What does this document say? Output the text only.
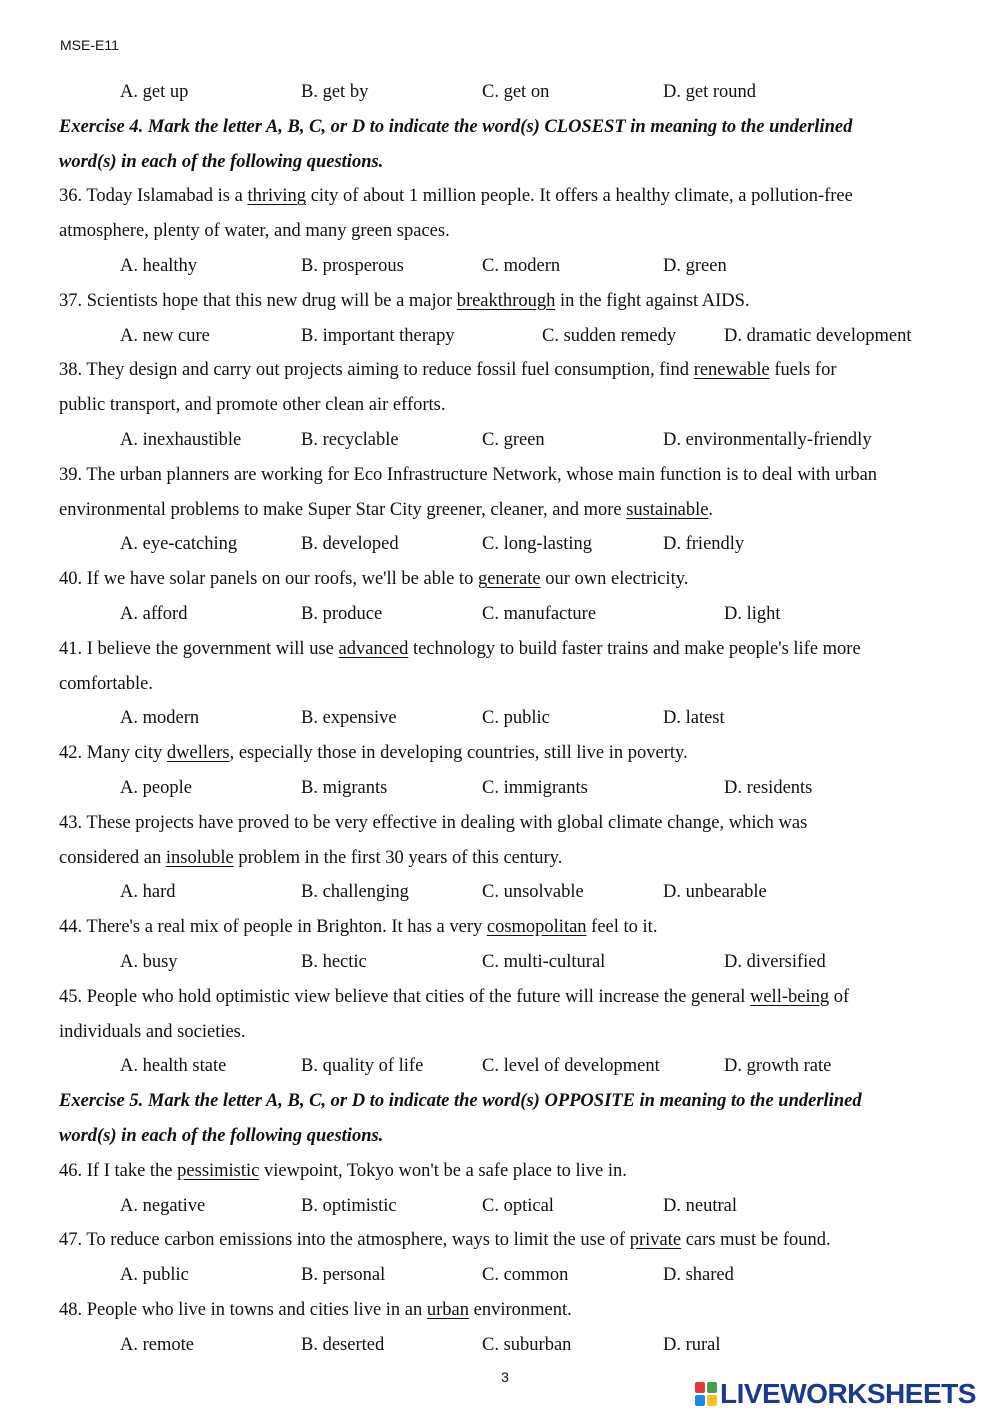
MSE-E11
A. get up	B. get by	C. get on	D. get round
Exercise 4. Mark the letter A, B, C, or D to indicate the word(s) CLOSEST in meaning to the underlined
word(s) in each of the following questions.
36. Today Islamabad is a thriving city of about 1 million people. It offers a healthy climate, a pollution-free
atmosphere, plenty of water, and many green spaces.
A. healthy	B. prosperous	C. modern	D. green
37. Scientists hope that this new drug will be a major breakthrough in the fight against AIDS.
A. new cure	B. important therapy	C. sudden remedy	D. dramatic development
38. They design and carry out projects aiming to reduce fossil fuel consumption, find renewable fuels for
public transport, and promote other clean air efforts.
A. inexhaustible	B. recyclable	C. green	D. environmentally-friendly
39. The urban planners are working for Eco Infrastructure Network, whose main function is to deal with urban
environmental problems to make Super Star City greener, cleaner, and more sustainable.
A. eye-catching	B. developed	C. long-lasting	D. friendly
40. If we have solar panels on our roofs, we'll be able to generate our own electricity.
A. afford	B. produce	C. manufacture	D. light
41. I believe the government will use advanced technology to build faster trains and make people's life more
comfortable.
A. modern	B. expensive	C. public	D. latest
42. Many city dwellers, especially those in developing countries, still live in poverty.
A. people	B. migrants	C. immigrants	D. residents
43. These projects have proved to be very effective in dealing with global climate change, which was
considered an insoluble problem in the first 30 years of this century.
A. hard	B. challenging	C. unsolvable	D. unbearable
44. There's a real mix of people in Brighton. It has a very cosmopolitan feel to it.
A. busy	B. hectic	C. multi-cultural	D. diversified
45. People who hold optimistic view believe that cities of the future will increase the general well-being of
individuals and societies.
A. health state	B. quality of life	C. level of development	D. growth rate
Exercise 5. Mark the letter A, B, C, or D to indicate the word(s) OPPOSITE in meaning to the underlined
word(s) in each of the following questions.
46. If I take the pessimistic viewpoint, Tokyo won't be a safe place to live in.
A. negative	B. optimistic	C. optical	D. neutral
47. To reduce carbon emissions into the atmosphere, ways to limit the use of private cars must be found.
A. public	B. personal	C. common	D. shared
48. People who live in towns and cities live in an urban environment.
A. remote	B. deserted	C. suburban	D. rural
3
LIVEWORKSHEETS
